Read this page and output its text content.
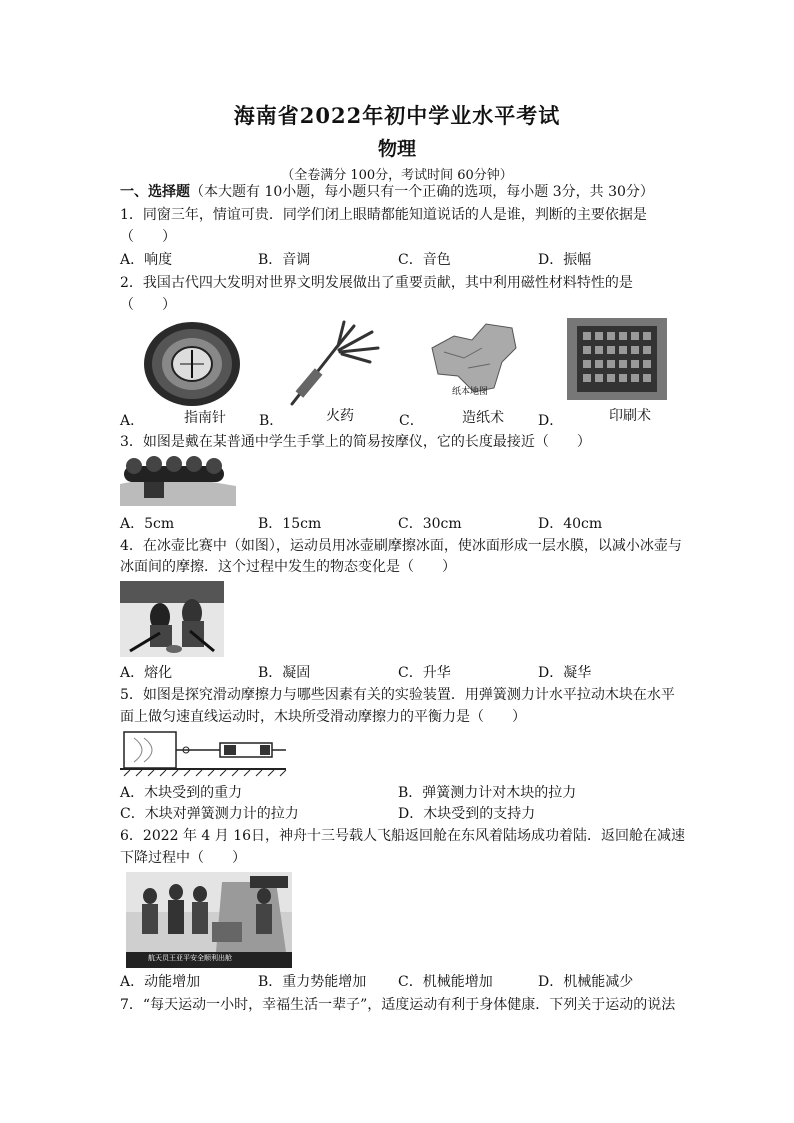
海南省2022年初中学业水平考试
物理
（全卷满分 100分，考试时间 60分钟）
一、选择题（本大题有 10小题，每小题只有一个正确的选项，每小题 3分，共 30分）
1．同窗三年，情谊可贵．同学们闭上眼睛都能知道说话的人是谁，判断的主要依据是
（　　）
A．响度	B．音调	C．音色	D．振幅
2．我国古代四大发明对世界文明发展做出了重要贡献，其中利用磁性材料特性的是
（　　）
A．	指南针 B．	火药
纸本地图
C．	造纸术 D．	印刷术
3．如图是戴在某普通中学生手掌上的简易按摩仪，它的长度最接近（　　）
A．5cm	B．15cm	C．30cm	D．40cm
4．在冰壶比赛中（如图），运动员用冰壶刷摩擦冰面，使冰面形成一层水膜，以减小冰壶与
冰面间的摩擦．这个过程中发生的物态变化是（　　）
A．熔化	B．凝固	C．升华	D．凝华
5．如图是探究滑动摩擦力与哪些因素有关的实验装置．用弹簧测力计水平拉动木块在水平
面上做匀速直线运动时，木块所受滑动摩擦力的平衡力是（　　）
A．木块受到的重力	B．弹簧测力计对木块的拉力
C．木块对弹簧测力计的拉力	D．木块受到的支持力
6．2022 年 4 月 16日，神舟十三号载人飞船返回舱在东风着陆场成功着陆．返回舱在减速
下降过程中（　　）
航天员王亚平安全顺利出舱
A．动能增加	B．重力势能增加 C．机械能增加	D．机械能减少
7．“每天运动一小时，幸福生活一辈子”，适度运动有利于身体健康．下列关于运动的说法
